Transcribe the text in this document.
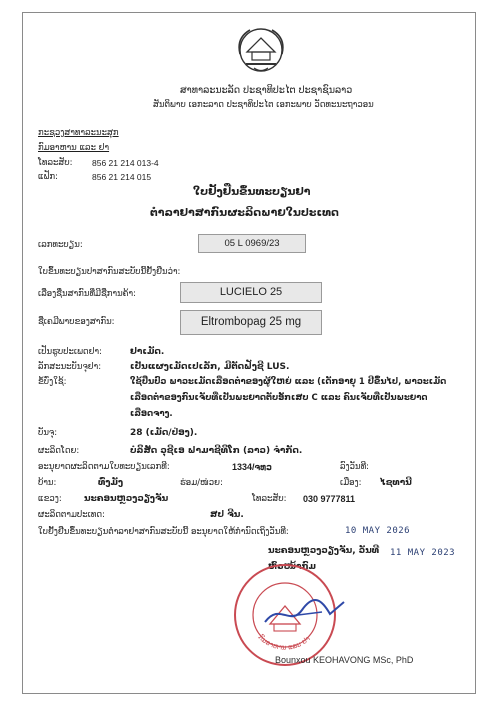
ສາທາລະນະລັດ ປະຊາທິປະໄຕ ປະຊາຊົນລາວ
ສັນຕິພາບ ເອກະລາດ ປະຊາທິປະໄຕ ເອກະພາບ ວັດທະນະຖາວອນ
ກະຊວງສາທາລະນະສຸກ
ກົມອາຫານ ແລະ ຢາ
ໂທລະສັບ: 856 21 214 013-4
ແຟັກ:	856 21 214 015
ໃບຢັ້ງຢືນຂຶ້ນທະບຽນຢາ
ຕຳລາຢາສາກົນຜະລິດພາຍໃນປະເທດ
ເລກທະບຽນ:	05 L 0969/23
ໃບຂຶ້ນທະບຽນປາສາກົນສະບັບນີ້ຢັ້ງຢືນວ່າ:
ເລື່ອງຊື່ນສາກົນທີ່ມີຊື່ການຄ້າ:	LUCIELO 25
ຊື່ເຄມີພາບຂອງສາກົນ:	Eltrombopag 25 mg
ເປັນຮູບປະເພດຢາ:	ຢາເມັດ.
ລັກສະນະບັນຈຸຢາ:	ເປັນແຜງເມັດເປເລັກ, ມີຕັດຟັງຊີ LUS.
ຂໍ້ບົ່ງໃຊ້:	ໃຊ້ປິ່ນປົວ ພາວະເມັດເລືອດຕ່ຳຂອງຜູ້ໃຫຍ່ ແລະ (ເດັກອາຍຸ 1 ປີຂຶ້ນໄປ, ພາວະເມັດ
ເລືອດຕ່ຳຂອງກົນເຈັບທີ່ເປັນພະຍາດຕັບອັກເສບ C ແລະ ຄົນເຈັບທີ່ເປັນພະຍາດ
ເລືອດຈາງ.
ບັນຈຸ:	28 (ເມັດ/ປ່ອງ).
ຜະລິດໂດຍ:	ບໍລິສັດ ວຸຊີເອ ຟາມາຊີທິໂກ (ລາວ) ຈຳກັດ.
ອະນຸຍາດຜະລິດຕາມໃບທະບຽນເລກທີ:	1334/ຈທວ	ລົງວັນທີ:
ບ້ານ:	ທົ່ງມັງ	ຮ່ອມ/ໜ່ວຍ:	ເມືອງ: ໄຊທານີ
ແຂວງ: ນະຄອນຫຼວງວຽງຈັນ	ໂທລະສັບ: 030 9777811
ຜະລິດຕາມປະເທດ:	ສປ ຈີນ.
ໃບຢັ້ງຢືນຂຶ້ນທະບຽນຕຳລາຢາສາກົນສະບັບນີ້ ອະນຸຍາດໃຫ້ກຳນົດເຖິງວັນທີ:	10 MAY 2026
ນະຄອນຫຼວງວຽງຈັນ, ວັນທີ 11 MAY 2023
ຫົວໜ້າກົມ
ກົມອາຫານ ແລະ ຢາ
Bounxou KEOHAVONG MSc, PhD
